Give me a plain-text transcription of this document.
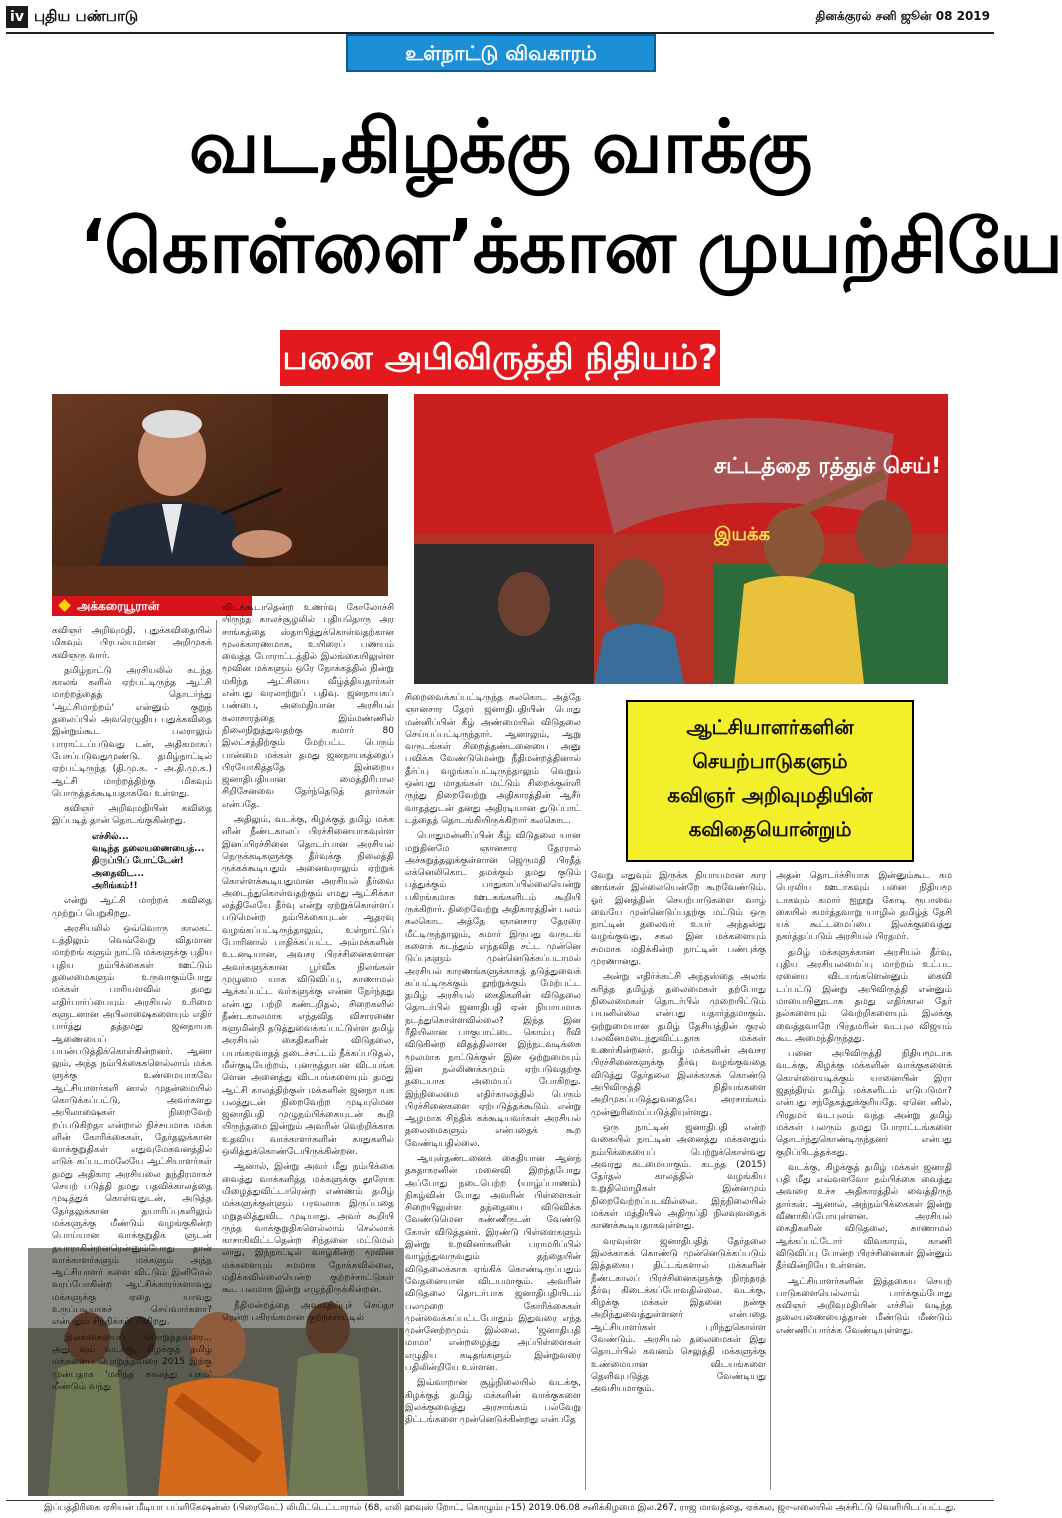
iv புதிய பண்பாடு	தினக்குரல் சனி ஜூன் 08 2019
உள்நாட்டு விவகாரம்
வட,கிழக்கு வாக்கு
‘கொள்ளை’க்கான முயற்சியே
பனை அபிவிருத்தி நிதியம்?
அக்கரையூரான்
சட்டத்தை ரத்துச் செய்!
இயக்க
ஆட்சியாளர்களின்
செயற்பாடுகளும்
கவிஞர் அறிவுமதியின்
கவிதையொன்றும்

கவிஞர் அறிவுமதி, புதுக்கவிதையில் மிகவும் பிரபல்யமான அறிமுகக் கவிஞரு வார்.

தமிழ்நாட்டு அரசியலில் கடந்த காலங் களில் ஏற்பட்டிருந்த ஆட்சி மாற்றத்தைத் தொடர்ந்து 'ஆட்சிமாற்றம்' என்னும் குறுந் தலைப்பில் அவரெழுதிய புதுக்கவிதை இன்றும்கூட பலராலும் பாராட்டப்படுவது டன், அதிகமாகப் பேசப்படுவதுமுண்டு. தமிழ்நாட்டில் ஏற்பட்டிருந்த (தி.மு.க. - அ.தி.மு.க.) ஆட்சி மாற்றத்திற்கு மிகவும் பொருத்தக்கூடியதாகவே உள்ளது.

கவிஞர் அறிவுமதியின் கவிதை இப்படித் தான் தொடங்குகின்றது.

எச்சில்...
வடிந்த தலையணையைத்...
திருப்பிப் போட்டேன்!
அதைவிட...
அரிங்கம்!!

என்று ஆட்சி மாற்றக் கவிதை முற்றுப் பெறுகிறது.

அரசியலில் ஒவ்வொரு காலகட் டத்திலும் வெவ்வேறு விதமான மாற்றங் களும் நாட்டு மக்களுக்கு புதிய புதிய நம்பிக்கைகள் ஊட்டும் தலைமைகளும் உருவாகும்போது மக்கள் பாரியளவில் தமது எதிர்பார்ப்பையும் அரசியல் உரிமை களுடனான அபிலாஷைகளையும் எதிர் பார்த்து தத்தமது ஜனநாயக ஆணையைப் பயன்படுத்திக்கொள்கின்றனர். ஆனா லும், அந்த நம்பிக்கைகளெல்லாம் மக்க ளுக்கு உண்மையாகவே ஆட்சியாளர்களி னால் முதன்மையில் கொடுக்கப்பட்டு, அவர்களது அபிலாஷைகள் நிறைவேற் றப்படுகிறதா என்றால் நிச்சயமாக மக்க ளின் கோரிக்கைகள், தேர்தலுக்கான வாக்குறுதிகள் எதுவுமேகவனத்தில் எடுக் கப்படாமலேயே ஆட்சியாளர்கள் தமது அதிகார அரசியலை தந்திரமாகச் செயற் படுத்தி தமது பதவிக்காலத்தை முடித்துக் கொள்வதுடன், அடுத்த தேர்தலுக்கான தயாரிப்புகளிலும் மக்களுக்கு மீண்டும் வழங்குகின்ற பொய்யான வாக்குறுதிக ளுடன் தயாராகின்றனரென்னும்போது தான் வாக்காளர்களும் மக்களும் அந்த ஆட்சியாளர் களை விட்டும் இனிமேல் வரப்போகின்ற ஆட்சிக்காரர்களாவது மக்களுக்கு ஏதை யாவது உருப்படியாகச் செய்வார்களா? என்பதும் சிந்திக்கப்படுகிறது.

இலங்கையைப் பொறுத்தவரை... அது வும் வடக்கு, கிழக்குத் தமிழ் மக்களைப் பொறுத்தவரை 2015 இற்கு முன்பதாக 'மகிந்த காலத்து யுகம்' மீண்டும் வந்து

விடக்கூடாதென்ற உணர்வு கோலோச்சி யிருந்த காலச்சூழலில் புதியதொரு அர சாங்கத்தை ஸ்தாபித்துக்கொள்வதற்கான மூலக்காரணமாக, உயிரைப் பணயம் வைத்த போராட்டத்தில் இலங்கையிலுள்ள மூவின மக்களும் ஒரே நோக்கத்தில் நின்று மகிந்த ஆட்சியை வீழ்த்தியதார்கள் என்பது வரலாற்றுப் பதிவு. ஜனநாயகப் பண்பை, அமைதியான அரசியல் கலாசாரத்தை இம்மண்ணில் நிலைநிறுத்துவதற்கு கமார் 80 இலட்சத்திற்கும் மேற்பட்ட பெரும் பான்மை மக்கள் தமது ஜனநாயகத்தைப் பிரயோகித்ததே இன்றைய ஜனாதிபதியான மைத்திரிபால சிறிசேனவை தேர்ந்தெடுத் தார்கள் என்பதே.

அதிலும், வடக்கு, கிழக்குத் தமிழ் மக்க ளின் நீண்டகாலப் பிரச்சினையாகவுள்ள இனப்பிரச்சினை தொடர்பான அரசியல் நெருக்கடிகளுக்கு தீர்வுக்கு நிலைத்தி ருக்கக்கூடியதும் அனைவராலும் ஏற்றுக் கொள்ளக்கூடியதுமான அரசியல் தீர்வை அடைந்துகொள்வதற்கும் எமது ஆட்சிக்கா லத்திலேயே தீர்வு என்று ஏற்றுக்கொள்ளப் படுமென்ற நம்பிக்கையுடன் ஆதரவு வழங்கப்பட்டிருந்தாலும், உள்நாட்டுப் போரினால் பாதிக்கப்பட்ட அம்மக்களின் உடனடியான, அவசர பிரச்சினைகளான அவர்களுக்கான பூர்வீக நிலங்கள் முழுமை யாக விடுவிப்பு, காணாமல் ஆக்கப்பட்ட வர்களுக்கு என்ன நேர்ந்தது என்பது பற்றி கண்டறிதல், சிறைகளில் நீண்டகாலமாக எந்தவித விசாரணை களுமின்றி தடுத்துவைக்கப்பட்டுள்ள தமிழ் அரசியல் கைதிகளின் விடுதலை, பயங்கரவாதத் தடைச்சட்டம் நீக்கப்படுதல், மீள்குடியேற்றம், புனருத்தாபன விடயங்க ளென அனைத்து விடயங்களையும் தமது ஆட்சி காலத்திற்குள் மக்களின் ஜனநா யக பலத்துடன் நிறைவேற்ற முடியுமென ஜனாதிபதி முழுநம்பிக்கையுடன் கூறி யிருந்தமை இன்றும் அவரின் வெற்றிக்காக உதவிய வாக்காளர்களின் காதுகளில் ஒலித்துக்கொண்டேயிருக்கின்றன.

ஆனால், இன்று அவர் மீது நம்பிக்கை வைத்து வாக்களித்த மக்களுக்கு தூரோக மிழைத்துவிட்டாரென்ற எண்ணம் தமிழ் மக்களுக்குள்ளும் பரவலாக இருப்பதை மறுதலித்துவிட முடியாது. அவர் கூறியி ருந்த வாக்குறுதிகளெல்லாம் செல்லாக் காசாகிவிட்டதென்ற சிந்தனை மட்டுமல் லாது, இந்நாட்டில் வாழ்கின்ற மூவின மக்களையும் சமமாக நோக்கவில்லை, மதிக்கவில்லையென்ற குற்றச்சாட்டுகள் கூட பலமாக இன்று எழுந்திருக்கின்றன.

நீதிமன்றத்தை அவமதிப்புச் செய்தா ரென்ற பகிரங்கமான குற்றச்சாட்டில்

சிறைவைக்கப்பட்டிருந்த கலகொட அத்தே ஞானசார தேரர் ஜனாதிபதியின் பொது மன்னிப்பின் கீழ் அண்மையில் விடுதலை செய்யப்பட்டிருந்தார். ஆனாலும், ஆறு வருடங்கள் சிறைத்தண்டனையை அனு பவிக்க வேண்டுமென்று நீதிமன்றத்தினால் தீர்ப்பு வழங்கப்பட்டிருந்தாலும் வெறும் ஒன்பது மாதங்கள் மட்டும் சிறைக்குள்ளி ருந்து நிறைவேற்று அதிகாரத்தின் ஆசீர் வாதத்துடன் தனது அதிரடியான துடுப்பாட் டத்தைத் தொடங்கியிருக்கிறார் கலகொட.

பொதுமன்னிப்பின் கீழ் விடுதலை யான மறுதினமே ஞானசார தேரரால் அச்சுறுத்தலுக்குள்ளான ஜெருமதி பிரதீத் எக்னெலிகொட தமக்கும் தமது குடும் பத்துக்கும் பாதுகாப்பில்லையென்று பகிரங்கமாக ஊடகங்களிடம் கூறியி ருக்கிறார். நிறைவேற்று அதிகாரத்தின் பலம் கலகொட அத்தே ஞானசார தேரரை மீட்டிருந்தாலும், கமார் இருபது வருடங் களைக் கடந்தும் எந்தவித சட்ட முன்னெ டுப்புகளும் முன்னெடுக்கப்படாமல் அரசியல் காரணங்களுக்காகத் தடுத்துவைக் கப்பட்டிருக்கும் நூற்றுக்கும் மேற்பட்ட தமிழ் அரசியல் கைதிகளின் விடுதலை தொடர்பில் ஜனாதிபதி ஏன் நியாயமாக நடந்துகொள்ளவில்லை? இந்த இன ரீதியிலான பாகுபாட்டை கொம்பு ரீவி விடுகின்ற விதத்திலான இந்நடவடிக்கை மூலமாக நாட்டுக்குள் இன ஒற்றுமையும் இன நல்லிணக்கமும் ஏற்படுவதற்கு தடையாக அமையப் போகிறது. இந்நிலைமை எதிர்காலத்தில் பெரும் பிரச்சினைகளை ஏற்படுத்தக்கூடும் என்று ஆழமாக சிந்திக் கக்கூடியவர்கள் அரசியல் தலைமைகளும் என்பதைக் கூற வேண்டியதில்லை.

ஆயுள்தண்டனைக் கைதியான ஆனந் தசுதாகரனின் மனைவி இறந்தபோது அப்போது நடைபெற்ற (யாழ்ப்பாணம்) நிகழ்வின் போது அவரின் பிள்ளைகள் சிறையிலுள்ள தந்தையை விடுவிக்க வேண்டுமென கண்ணீருடன் வேண்டு கோள் விடுத்தனர். இரண்டு பிள்ளைகளும் இன்று உறவினர்களின் பராமரிப்பில் வாழ்ந்துவருவதும் தந்தையின் விடுதலைக்காக ஏங்கிக் கொண்டிருப்பதும் வேதனையான விடயமாகும். அவரின் விடுதலை தொடர்பாக ஜனாதிபதியிடம் பலமுறை கோரிக்கைகள் முன்வைக்கப்பட்டபோதும் இதுவரை எந்த முன்னேற்றமும் இல்லை. 'ஜனாதிபதி மாமா' என்றழைத்து அப்பிள்ளைகள் எழுதிய கடிதங்களும் இன்றுவரை பதிலின்றியே உள்ளன.

இவ்வாறான சூழ்நிலையில் வடக்கு, கிழக்குத் தமிழ் மக்களின் வாக்குகளை இலக்குவைத்து அரசாங்கம் பல்வேறு திட்டங்களை முன்னெடுக்கின்றது என்பதே

வேறு எதுவும் இருக்க நியாயமான கார ணங்கள் இல்லையென்றே கூறவேண்டும். ஓர் இனத்தின் செயற்பாடுகளை வாழ் வையே முன்னெடுப்பதற்கு மட்டும் ஒரு நாட்டின் தலைவர் உயர் அந்தஸ்து வழங்குவது, சகல இன மக்களையும் சமமாக மதிக்கின்ற நாட்டின் பண்புக்கு முரணானது.

அன்று எதிர்க்கட்சி அந்தஸ்தை அலங் கரித்த தமிழ்த் தலைமைகள் தற்போது நிலைமைகள் தொடர்பில் முறையிட்டும் பயனில்லை என்பது யதார்த்தமாகும். ஒற்றுமையான தமிழ் தேசியத்தின் குரல் பலவீனமடைந்துவிட்டதாக மக்கள் உணர்கின்றனர். தமிழ் மக்களின் அவசர பிரச்சினைகளுக்கு தீர்வு வழங்குவதை விடுத்து தேர்தலை இலக்காகக் கொண்டு அபிவிருத்தி நிதியங்களை அறிமுகப்படுத்துவதையே அரசாங்கம் முன்னுரிமைப்படுத்தியுள்ளது.

ஒரு நாட்டின் ஜனாதிபதி என்ற வகையில் நாட்டின் அனைத்து மக்களதும் நம்பிக்கையைப் பெற்றுக்கொள்வது அவரது கடமையாகும். கடந்த (2015) தேர்தல் காலத்தில் வழங்கிய உறுதிமொழிகள் இன்னமும் நிறைவேற்றப்படவில்லை. இந்நிலையில் மக்கள் மத்தியில் அதிருப்தி நிலவுவதைக் காணக்கூடியதாகவுள்ளது.

வரவுள்ள ஜனாதிபதித் தேர்தலை இலக்காகக் கொண்டு முன்னெடுக்கப்படும் இத்தகைய திட்டங்களால் மக்களின் நீண்டகாலப் பிரச்சினைகளுக்கு நிரந்தரத் தீர்வு கிடைக்கப்போவதில்லை. வடக்கு, கிழக்கு மக்கள் இதனை நன்கு அறிந்துவைத்துள்ளனர் என்பதை ஆட்சியாளர்கள் புரிந்துகொள்ள வேண்டும். அரசியல் தலைமைகள் இது தொடர்பில் கவனம் செலுத்தி மக்களுக்கு உண்மையான விடயங்களை தெளிவுபடுத்த வேண்டியது அவசியமாகும்.

அதன் தொடர்ச்சியாக இன்னும்கூட கம பெரலிய ஊடாகவும் பனை நிதியமூ டாகவும் கமார் ஐநூறு கோடி ரூபாவை கையில் கமர்த்தவாறு யாழில் தமிழ்த் தேசி யக் கூட்டமைப்பை இலக்குவைத்து நகர்த்தப்படும் அரசியல் பிரதமர்.

தமிழ் மக்களுக்கான அரசியல் தீர்வு, புதிய அரசியலமைப்பு மாற்றம் உட்பட ஏனைய விடயங்களென்னும் கைவி டப்பட்டு இன்று அபிவிருத்தி என்னும் மாயையினூடாக தமது எதிர்கால தேர் தல்களையும் வெற்றிகளையும் இலக்கு வைத்தவாறே பிரதமரின் வடபுல விஜயம் கூட அமைந்திருந்தது.

பனை அபிவிருத்தி நிதியமூடாக வடக்கு, கிழக்கு மக்களின் வாக்குகளைக் கொள்ளையடிக்கும் யானையின் இரா ஜதந்திரம் தமிழ் மக்களிடம் எடுபடுமா? என்பது சந்தேகத்துக்குரியதே. ஏனெ னில், பிரதமர் வடபுலம் வந்த அன்று தமிழ் மக்கள் பலரும் தமது போராட்டங்களை தொடர்ந்துகொண்டிருந்தனர் என்பது குறிப்பிடத்தக்கது.

வடக்கு, கிழக்குத் தமிழ் மக்கள் ஜனாதி பதி மீது எவ்வளவோ நம்பிக்கை வைத்து அவரை உச்ச அதிகாரத்தில் வைத்திருந் தார்கள். ஆனால், அந்நம்பிக்கைகள் இன்று வீணாகிப்போயுள்ளன. அரசியல் கைதிகளின் விடுதலை, காணாமல் ஆக்கப்பட்டோர் விவகாரம், காணி விடுவிப்பு போன்ற பிரச்சினைகள் இன்னும் தீர்வின்றியே உள்ளன.

ஆட்சியாளர்களின் இத்தகைய செயற் பாடுகளையெல்லாம் பார்க்கும்போது கவிஞர் அறிவுமதியின் எச்சில் வடிந்த தலையணையைத்தான் மீண்டும் மீண்டும் எண்ணிப்பார்க்க வேண்டியுள்ளது.

இப்பத்திரிகை ஏசியன் மீடியா பப்ளிகேஷன்ஸ் (பிரைவேட்) லிமிட்டெட்டாரால் (68, எலி ஹவுஸ் றோட், கொழும்பு-15) 2019.06.08 சனிக்கிழமை இல.267, ராஜ மாவத்தை, ஏக்கல, ஜா-எலையில் அச்சிட்டு வெளியிடப்பட்டது.
